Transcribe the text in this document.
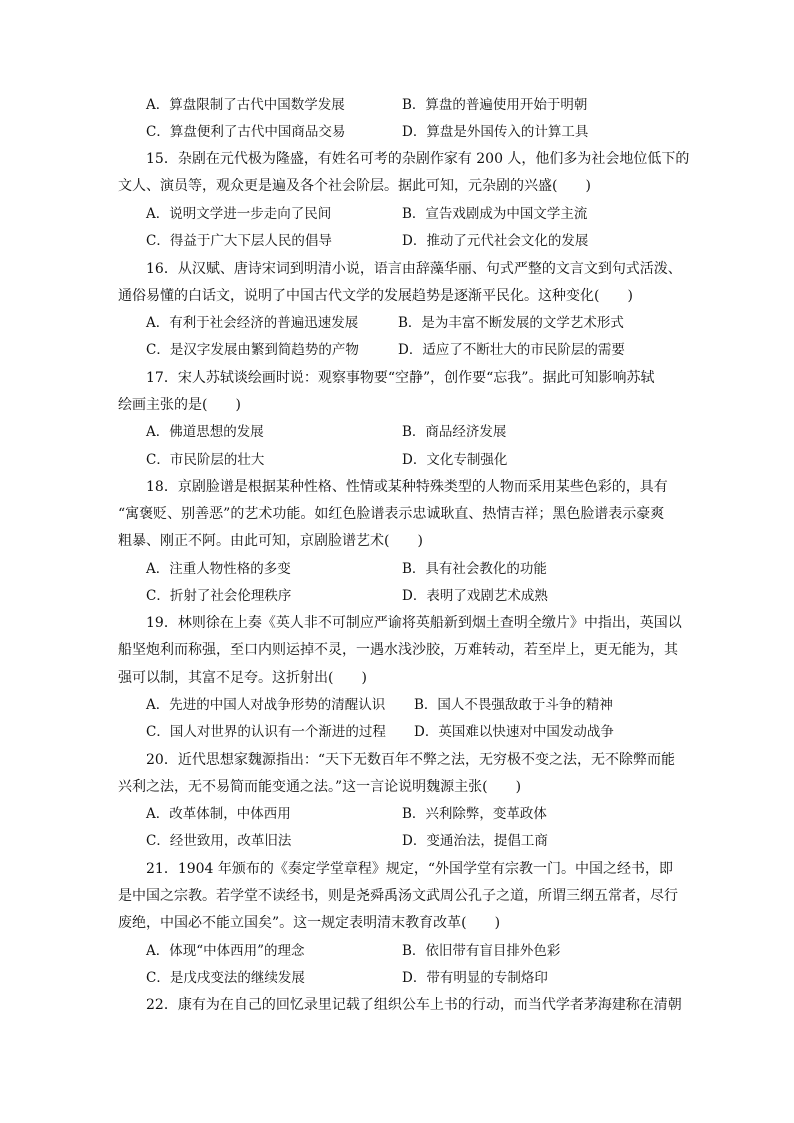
A．算盘限制了古代中国数学发展	B．算盘的普遍使用开始于明朝
C．算盘便利了古代中国商品交易	D．算盘是外国传入的计算工具
15．杂剧在元代极为隆盛，有姓名可考的杂剧作家有 200 人，他们多为社会地位低下的
文人、演员等，观众更是遍及各个社会阶层。据此可知，元杂剧的兴盛(　　)
A．说明文学进一步走向了民间	B．宣告戏剧成为中国文学主流
C．得益于广大下层人民的倡导	D．推动了元代社会文化的发展
16．从汉赋、唐诗宋词到明清小说，语言由辞藻华丽、句式严整的文言文到句式活泼、
通俗易懂的白话文，说明了中国古代文学的发展趋势是逐渐平民化。这种变化(　　)
A．有利于社会经济的普遍迅速发展	B．是为丰富不断发展的文学艺术形式
C．是汉字发展由繁到简趋势的产物	D．适应了不断壮大的市民阶层的需要
17．宋人苏轼谈绘画时说：观察事物要“空静”，创作要“忘我”。据此可知影响苏轼
绘画主张的是(　　)
A．佛道思想的发展	B．商品经济发展
C．市民阶层的壮大	D．文化专制强化
18．京剧脸谱是根据某种性格、性情或某种特殊类型的人物而采用某些色彩的，具有
“寓褒贬、别善恶”的艺术功能。如红色脸谱表示忠诚耿直、热情吉祥；黑色脸谱表示豪爽
粗暴、刚正不阿。由此可知，京剧脸谱艺术(　　)
A．注重人物性格的多变	B．具有社会教化的功能
C．折射了社会伦理秩序	D．表明了戏剧艺术成熟
19．林则徐在上奏《英人非不可制应严谕将英船新到烟土查明全缴片》中指出，英国以
船坚炮利而称强，至口内则运掉不灵，一遇水浅沙胶，万难转动，若至岸上，更无能为，其
强可以制，其富不足夸。这折射出(　　)
A．先进的中国人对战争形势的清醒认识 B．国人不畏强敌敢于斗争的精神
C．国人对世界的认识有一个渐进的过程 D．英国难以快速对中国发动战争
20．近代思想家魏源指出：“天下无数百年不弊之法，无穷极不变之法，无不除弊而能
兴利之法，无不易简而能变通之法。”这一言论说明魏源主张(　　)
A．改革体制，中体西用	B．兴利除弊，变革政体
C．经世致用，改革旧法	D．变通治法，提倡工商
21．1904 年颁布的《奏定学堂章程》规定，“外国学堂有宗教一门。中国之经书，即
是中国之宗教。若学堂不读经书，则是尧舜禹汤文武周公孔子之道，所谓三纲五常者，尽行
废绝，中国必不能立国矣”。这一规定表明清末教育改革(　　)
A．体现“中体西用”的理念	B．依旧带有盲目排外色彩
C．是戊戌变法的继续发展	D．带有明显的专制烙印
22．康有为在自己的回忆录里记载了组织公车上书的行动，而当代学者茅海建称在清朝
